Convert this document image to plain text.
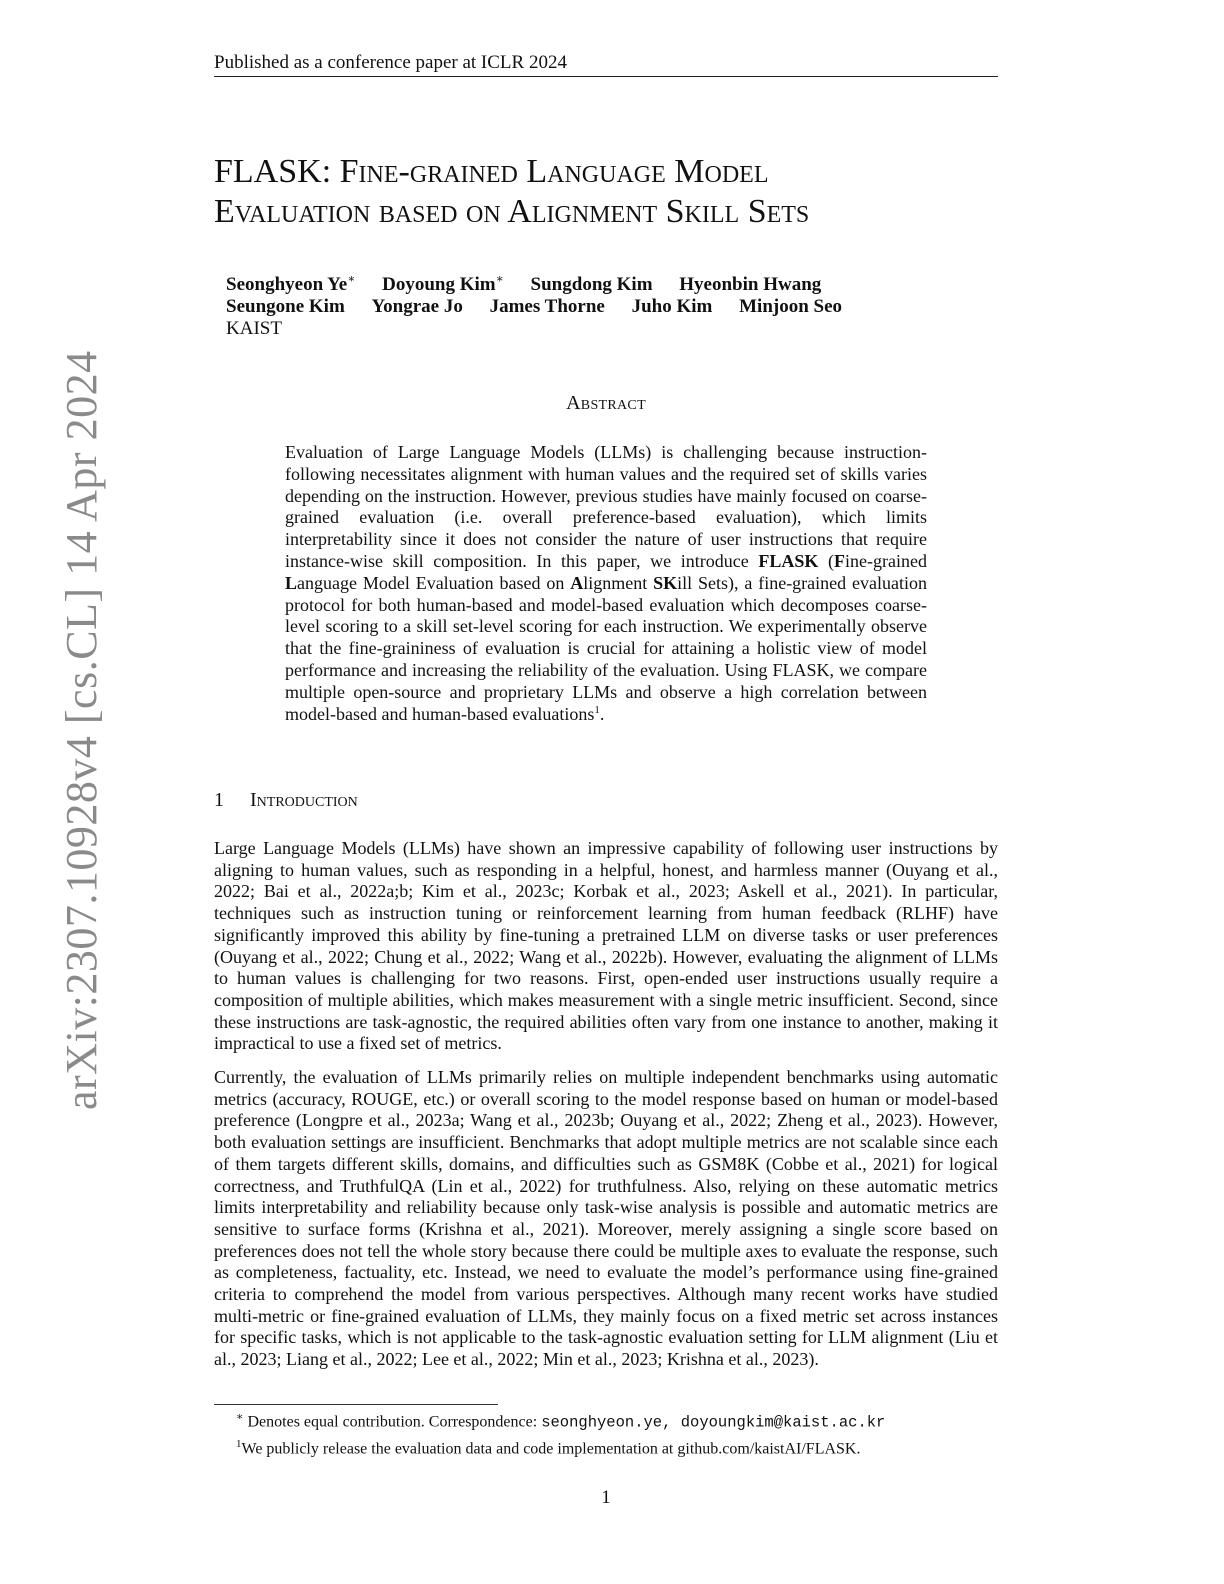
Published as a conference paper at ICLR 2024
arXiv:2307.10928v4 [cs.CL] 14 Apr 2024
FLASK: Fine-grained Language Model
Evaluation based on Alignment Skill Sets
Seonghyeon Ye∗ Doyoung Kim∗ Sungdong Kim Hyeonbin Hwang
Seungone Kim Yongrae Jo James Thorne Juho Kim Minjoon Seo
KAIST
Abstract

Evaluation of Large Language Models (LLMs) is challenging because instruction-following necessitates alignment with human values and the required set of skills varies depending on the instruction. However, previous studies have mainly focused on coarse-grained evaluation (i.e. overall preference-based evaluation), which limits interpretability since it does not consider the nature of user instructions that require instance-wise skill composition. In this paper, we introduce FLASK (Fine-grained Language Model Evaluation based on Alignment SKill Sets), a fine-grained evaluation protocol for both human-based and model-based evaluation which decomposes coarse-level scoring to a skill set-level scoring for each instruction. We experimentally observe that the fine-graininess of evaluation is crucial for attaining a holistic view of model performance and increasing the reliability of the evaluation. Using FLASK, we compare multiple open-source and proprietary LLMs and observe a high correlation between model-based and human-based evaluations$^1$.

1 Introduction

Large Language Models (LLMs) have shown an impressive capability of following user instructions by aligning to human values, such as responding in a helpful, honest, and harmless manner (Ouyang et al., 2022; Bai et al., 2022a;b; Kim et al., 2023c; Korbak et al., 2023; Askell et al., 2021). In particular, techniques such as instruction tuning or reinforcement learning from human feedback (RLHF) have significantly improved this ability by fine-tuning a pretrained LLM on diverse tasks or user preferences (Ouyang et al., 2022; Chung et al., 2022; Wang et al., 2022b). However, evaluating the alignment of LLMs to human values is challenging for two reasons. First, open-ended user instructions usually require a composition of multiple abilities, which makes measurement with a single metric insufficient. Second, since these instructions are task-agnostic, the required abilities often vary from one instance to another, making it impractical to use a fixed set of metrics.

Currently, the evaluation of LLMs primarily relies on multiple independent benchmarks using automatic metrics (accuracy, ROUGE, etc.) or overall scoring to the model response based on human or model-based preference (Longpre et al., 2023a; Wang et al., 2023b; Ouyang et al., 2022; Zheng et al., 2023). However, both evaluation settings are insufficient. Benchmarks that adopt multiple metrics are not scalable since each of them targets different skills, domains, and difficulties such as GSM8K (Cobbe et al., 2021) for logical correctness, and TruthfulQA (Lin et al., 2022) for truthfulness. Also, relying on these automatic metrics limits interpretability and reliability because only task-wise analysis is possible and automatic metrics are sensitive to surface forms (Krishna et al., 2021). Moreover, merely assigning a single score based on preferences does not tell the whole story because there could be multiple axes to evaluate the response, such as completeness, factuality, etc. Instead, we need to evaluate the model’s performance using fine-grained criteria to comprehend the model from various perspectives. Although many recent works have studied multi-metric or fine-grained evaluation of LLMs, they mainly focus on a fixed metric set across instances for specific tasks, which is not applicable to the task-agnostic evaluation setting for LLM alignment (Liu et al., 2023; Liang et al., 2022; Lee et al., 2022; Min et al., 2023; Krishna et al., 2023).

∗ Denotes equal contribution. Correspondence: seonghyeon.ye, doyoungkim@kaist.ac.kr
$^1$We publicly release the evaluation data and code implementation at github.com/kaistAI/FLASK.
1
